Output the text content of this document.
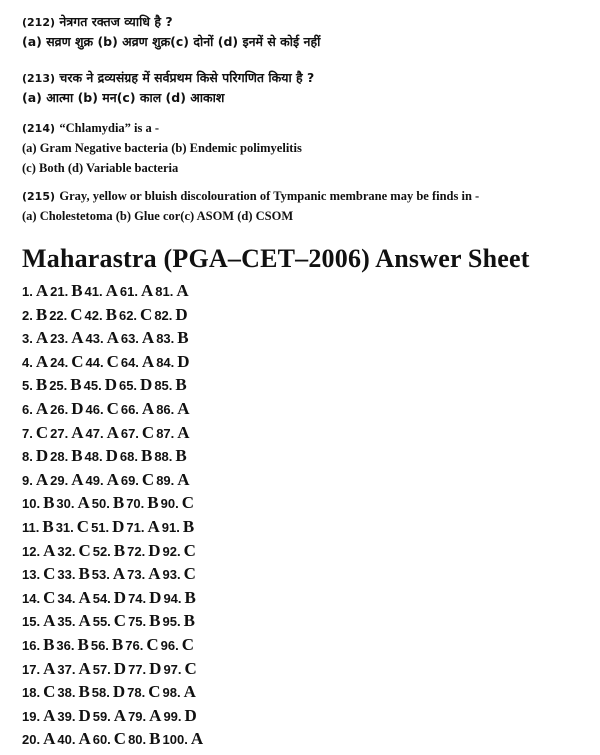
(212) नेत्रगत रक्तज व्याधि है ?
(a) सव्रण शुक्र (b) अव्रण शुक्र(c) दोनों (d) इनमें से कोई नहीं
(213) चरक ने द्रव्यसंग्रह में सर्वप्रथम किसे परिगणित किया है ?
(a) आत्मा (b) मन(c) काल (d) आकाश
(214) “Chlamydia” is a -
(a) Gram Negative bacteria (b) Endemic polimyelitis
(c) Both (d) Variable bacteria
(215) Gray, yellow or bluish discolouration of Tympanic membrane may be finds in -
(a) Cholestetoma (b) Glue cor(c) ASOM (d) CSOM
Maharastra (PGA–CET–2006) Answer Sheet
1. A 21. B 41. A 61. A 81. A
2. B 22. C 42. B 62. C 82. D
3. A 23. A 43. A 63. A 83. B
4. A 24. C 44. C 64. A 84. D
5. B 25. B 45. D 65. D 85. B
6. A 26. D 46. C 66. A 86. A
7. C 27. A 47. A 67. C 87. A
8. D 28. B 48. D 68. B 88. B
9. A 29. A 49. A 69. C 89. A
10. B 30. A 50. B 70. B 90. C
11. B 31. C 51. D 71. A 91. B
12. A 32. C 52. B 72. D 92. C
13. C 33. B 53. A 73. A 93. C
14. C 34. A 54. D 74. D 94. B
15. A 35. A 55. C 75. B 95. B
16. B 36. B 56. B 76. C 96. C
17. A 37. A 57. D 77. D 97. C
18. C 38. B 58. D 78. C 98. A
19. A 39. D 59. A 79. A 99. D
20. A 40. A 60. C 80. B 100. A
